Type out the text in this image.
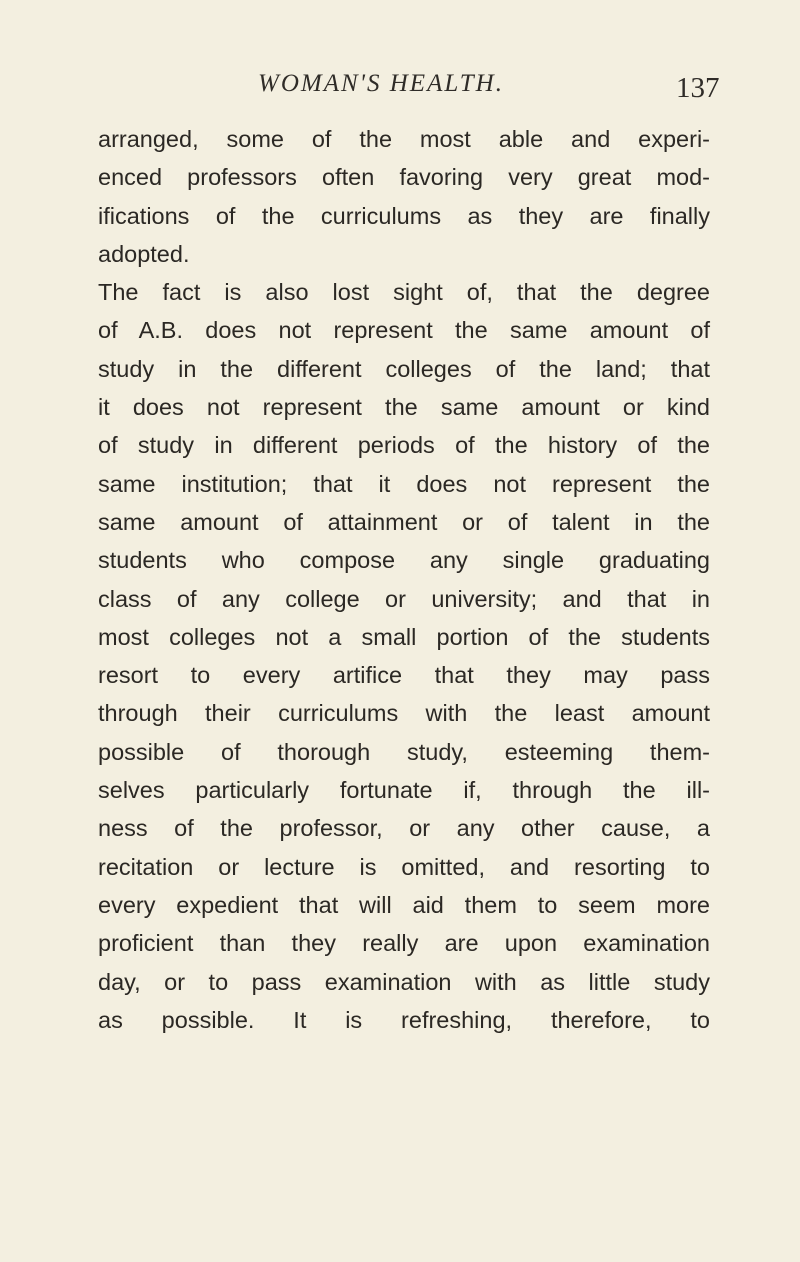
WOMAN'S HEALTH.	137
arranged, some of the most able and experi-
enced professors often favoring very great mod-
ifications of the curriculums as they are finally
adopted.
The fact is also lost sight of, that the degree
of A.B. does not represent the same amount of
study in the different colleges of the land; that
it does not represent the same amount or kind
of study in different periods of the history of the
same institution; that it does not represent the
same amount of attainment or of talent in the
students who compose any single graduating
class of any college or university; and that in
most colleges not a small portion of the students
resort to every artifice that they may pass
through their curriculums with the least amount
possible of thorough study, esteeming them-
selves particularly fortunate if, through the ill-
ness of the professor, or any other cause, a
recitation or lecture is omitted, and resorting to
every expedient that will aid them to seem more
proficient than they really are upon examination
day, or to pass examination with as little study
as possible. It is refreshing, therefore, to
